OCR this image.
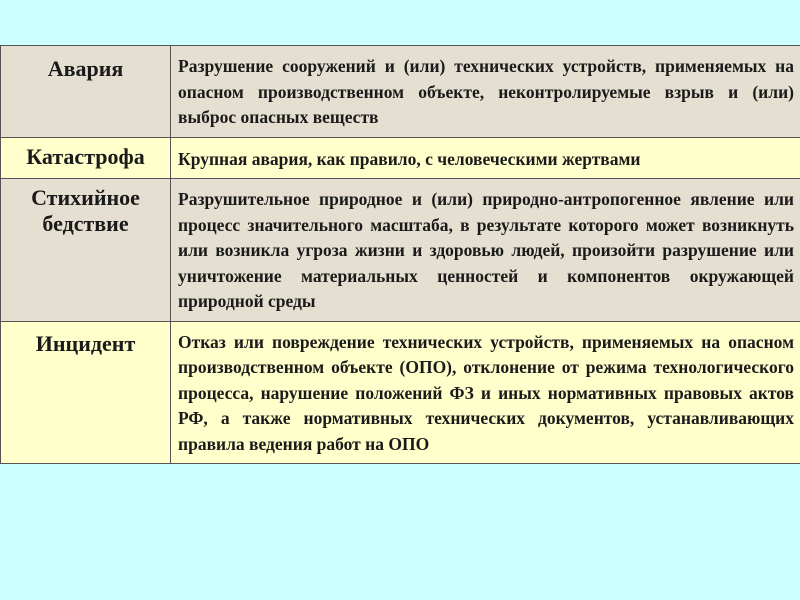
Авария	Разрушение сооружений и (или) технических устройств, применяемых на опасном производственном объекте, неконтролируемые взрыв и (или) выброс опасных веществ
Катастрофа	Крупная авария, как правило, с человеческими жертвами
Стихийное бедствие	Разрушительное природное и (или) природно-антропогенное явление или процесс значительного масштаба, в результате которого может возникнуть или возникла угроза жизни и здоровью людей, произойти разрушение или уничтожение материальных ценностей и компонентов окружающей природной среды
Инцидент	Отказ или повреждение технических устройств, применяемых на опасном производственном объекте (ОПО), отклонение от режима технологического процесса, нарушение положений ФЗ и иных нормативных правовых актов РФ, а также нормативных технических документов, устанавливающих правила ведения работ на ОПО
